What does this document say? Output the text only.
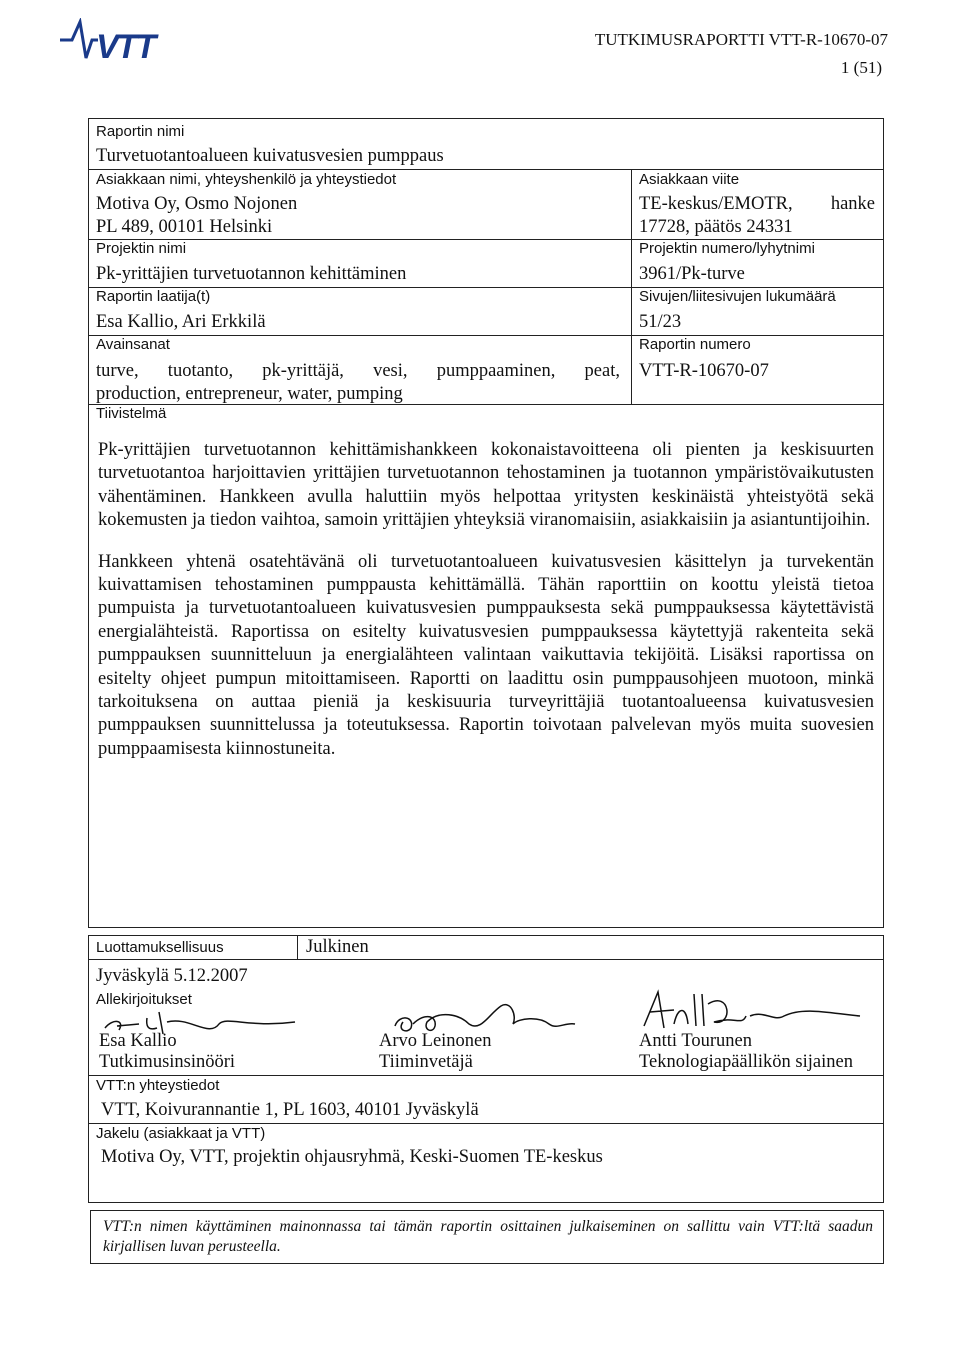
VTT	TUTKIMUSRAPORTTI VTT-R-10670-07
1 (51)
Raportin nimi
Turvetuotantoalueen kuivatusvesien pumppaus
Asiakkaan nimi, yhteyshenkilö ja yhteystiedot
Motiva Oy, Osmo Nojonen
PL 489, 00101 Helsinki
Asiakkaan viite
TE-keskus/EMOTR, hanke
17728, päätös 24331
Projektin nimi
Pk-yrittäjien turvetuotannon kehittäminen
Projektin numero/lyhytnimi
3961/Pk-turve
Raportin laatija(t)
Esa Kallio, Ari Erkkilä
Sivujen/liitesivujen lukumäärä
51/23
Avainsanat
turve, tuotanto, pk-yrittäjä, vesi, pumppaaminen, peat,
production, entrepreneur, water, pumping
Raportin numero
VTT-R-10670-07
Tiivistelmä

Pk-yrittäjien turvetuotannon kehittämishankkeen kokonaistavoitteena oli pienten ja keskisuurten turvetuotantoa harjoittavien yrittäjien turvetuotannon tehostaminen ja tuotannon ympäristövaikutusten vähentäminen. Hankkeen avulla haluttiin myös helpottaa yritysten keskinäistä yhteistyötä sekä kokemusten ja tiedon vaihtoa, samoin yrittäjien yhteyksiä viranomaisiin, asiakkaisiin ja asiantuntijoihin.

Hankkeen yhtenä osatehtävänä oli turvetuotantoalueen kuivatusvesien käsittelyn ja turvekentän kuivattamisen tehostaminen pumppausta kehittämällä. Tähän raporttiin on koottu yleistä tietoa pumpuista ja turvetuotantoalueen kuivatusvesien pumppauksesta sekä pumppauksessa käytettävistä energialähteistä. Raportissa on esitelty kuivatusvesien pumppauksessa käytettyjä rakenteita sekä pumppauksen suunnitteluun ja energialähteen valintaan vaikuttavia tekijöitä. Lisäksi raportissa on esitelty ohjeet pumpun mitoittamiseen. Raportti on laadittu osin pumppausohjeen muotoon, minkä tarkoituksena on auttaa pieniä ja keskisuuria turveyrittäjiä tuotantoalueensa kuivatusvesien pumppauksen suunnittelussa ja toteutuksessa. Raportin toivotaan palvelevan myös muita suovesien pumppaamisesta kiinnostuneita.

Luottamuksellisuus	Julkinen
Jyväskylä 5.12.2007
Allekirjoitukset
Esa Kallio
Tutkimusinsinööri
Arvo Leinonen
Tiiminvetäjä
Antti Tourunen
Teknologiapäällikön sijainen
VTT:n yhteystiedot
VTT, Koivurannantie 1, PL 1603, 40101 Jyväskylä
Jakelu (asiakkaat ja VTT)
Motiva Oy, VTT, projektin ohjausryhmä, Keski-Suomen TE-keskus
VTT:n nimen käyttäminen mainonnassa tai tämän raportin osittainen julkaiseminen on sallittu vain VTT:ltä saadun kirjallisen luvan perusteella.
